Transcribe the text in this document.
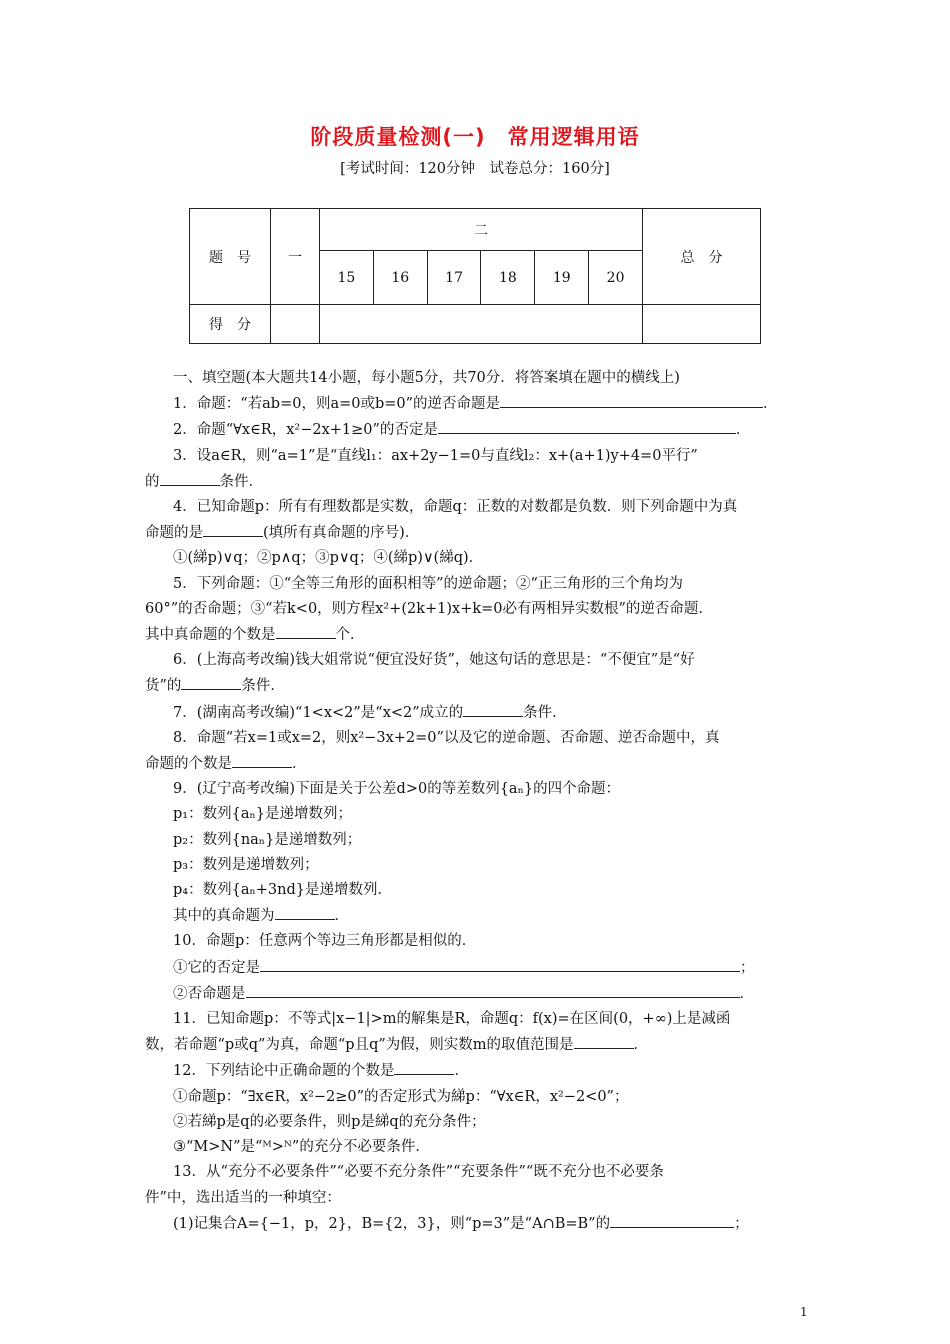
阶段质量检测(一)　常用逻辑用语
[考试时间：120分钟　试卷总分：160分]
题　号	一	二						总　分
		15	16	17	18	19	20	
得　分								
一、填空题(本大题共14小题，每小题5分，共70分．将答案填在题中的横线上)
1．命题：“若ab=0，则a=0或b=0”的逆否命题是	．
2．命题“∀x∈R，x²−2x+1≥0”的否定是	．
3．设a∈R，则“a=1”是“直线l₁：ax+2y−1=0与直线l₂：x+(a+1)y+4=0平行”
的	条件．
4．已知命题p：所有有理数都是实数，命题q：正数的对数都是负数．则下列命题中为真
命题的是	(填所有真命题的序号)．
①(綈p)∨q；②p∧q；③p∨q；④(綈p)∨(綈q)．
5．下列命题：①“全等三角形的面积相等”的逆命题；②“正三角形的三个角均为
60°”的否命题；③“若k<0，则方程x²+(2k+1)x+k=0必有两相异实数根”的逆否命题．
其中真命题的个数是	个．
6．(上海高考改编)钱大姐常说“便宜没好货”，她这句话的意思是：“不便宜”是“好
货”的	条件．
7．(湖南高考改编)“1<x<2”是“x<2”成立的	条件．
8．命题“若x=1或x=2，则x²−3x+2=0”以及它的逆命题、否命题、逆否命题中，真
命题的个数是	．
9．(辽宁高考改编)下面是关于公差d>0的等差数列{aₙ}的四个命题：
p₁：数列{aₙ}是递增数列；
p₂：数列{naₙ}是递增数列；
p₃：数列是递增数列；
p₄：数列{aₙ+3nd}是递增数列．
其中的真命题为	．
10．命题p：任意两个等边三角形都是相似的．
①它的否定是	；
②否命题是	．
11．已知命题p：不等式|x−1|>m的解集是R，命题q：f(x)=在区间(0，+∞)上是减函
数，若命题“p或q”为真，命题“p且q”为假，则实数m的取值范围是	．
12．下列结论中正确命题的个数是	．
①命题p：“∃x∈R，x²−2≥0”的否定形式为綈p：“∀x∈R，x²−2<0”；
②若綈p是q的必要条件，则p是綈q的充分条件；
③“M>N”是“ᴹ>ᴺ”的充分不必要条件．
13．从“充分不必要条件”“必要不充分条件”“充要条件”“既不充分也不必要条
件”中，选出适当的一种填空：
(1)记集合A={−1，p，2}，B={2，3}，则“p=3”是“A∩B=B”的	；
1
